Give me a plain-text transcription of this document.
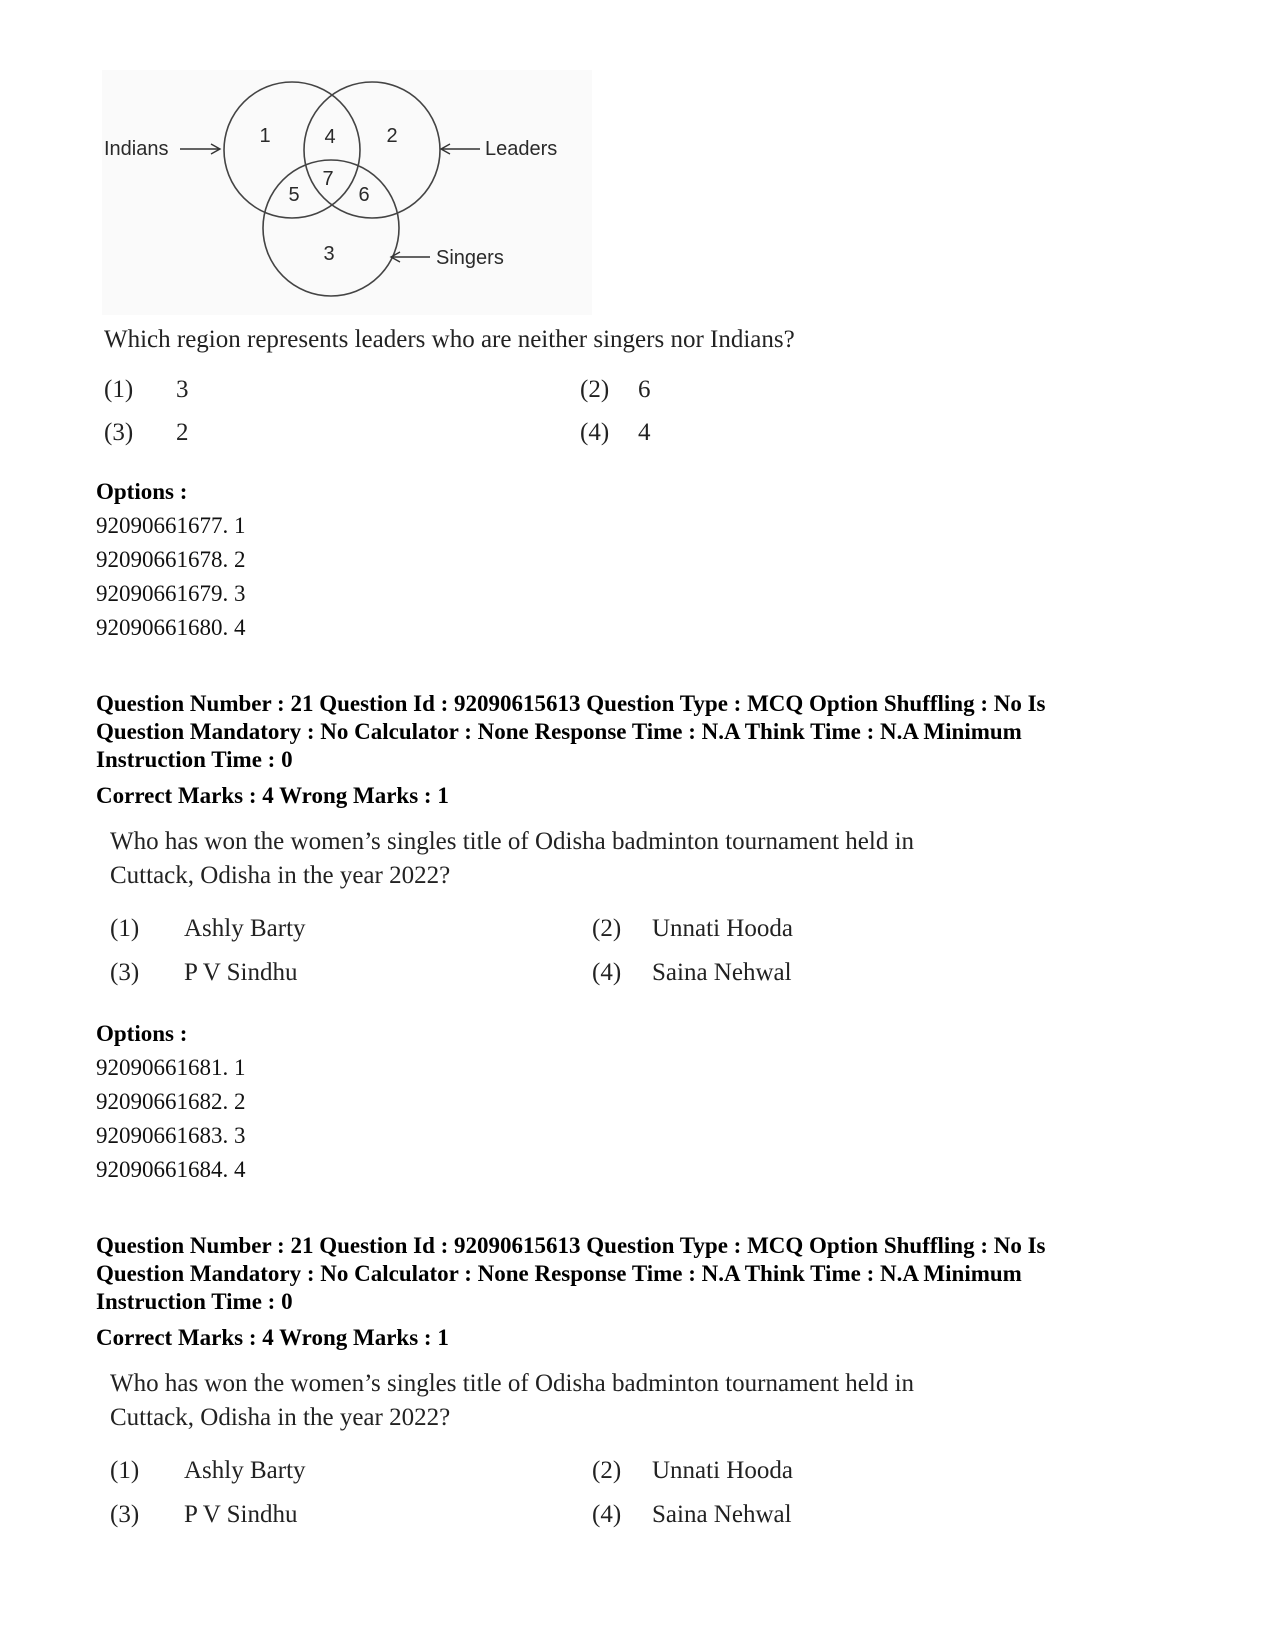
1	4	2
7
5	6
3
Indians	Leaders
Singers
Which region represents leaders who are neither singers nor Indians?
(1) 3	(2) 6
(3) 2	(4) 4
Options :
92090661677. 1
92090661678. 2
92090661679. 3
92090661680. 4
Question Number : 21 Question Id : 92090615613 Question Type : MCQ Option Shuffling : No Is
Question Mandatory : No Calculator : None Response Time : N.A Think Time : N.A Minimum
Instruction Time : 0
Correct Marks : 4 Wrong Marks : 1
Who has won the women’s singles title of Odisha badminton tournament held in
Cuttack, Odisha in the year 2022?
(1) Ashly Barty	(2) Unnati Hooda
(3) P V Sindhu	(4) Saina Nehwal
Options :
92090661681. 1
92090661682. 2
92090661683. 3
92090661684. 4
Question Number : 21 Question Id : 92090615613 Question Type : MCQ Option Shuffling : No Is
Question Mandatory : No Calculator : None Response Time : N.A Think Time : N.A Minimum
Instruction Time : 0
Correct Marks : 4 Wrong Marks : 1
Who has won the women’s singles title of Odisha badminton tournament held in
Cuttack, Odisha in the year 2022?
(1) Ashly Barty	(2) Unnati Hooda
(3) P V Sindhu	(4) Saina Nehwal
